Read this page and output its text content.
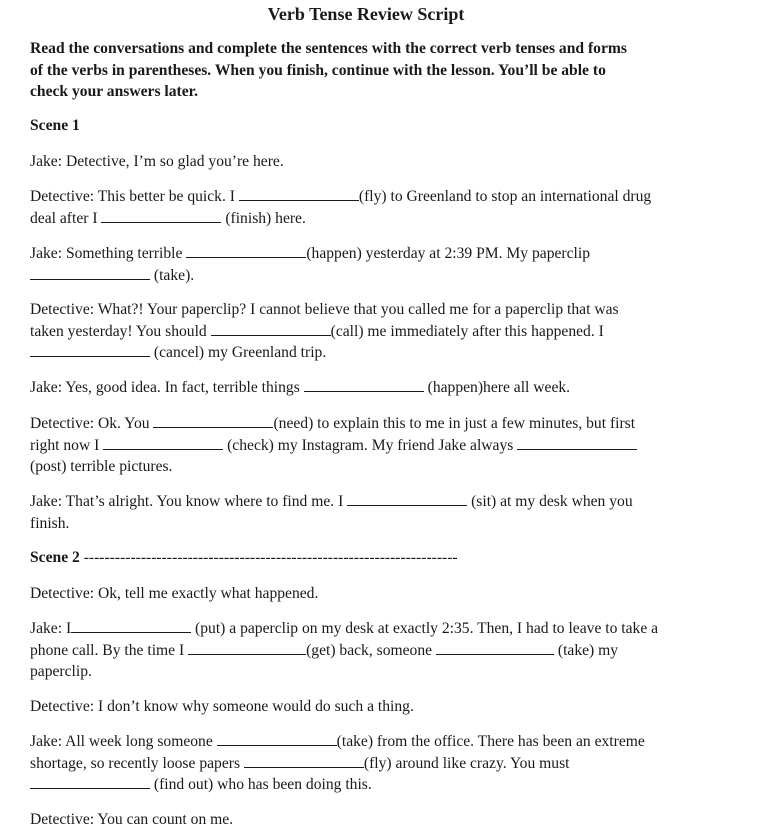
Verb Tense Review Script

Read the conversations and complete the sentences with the correct verb tenses and forms
of the verbs in parentheses. When you finish, continue with the lesson. You’ll be able to
check your answers later.

Scene 1

Jake: Detective, I’m so glad you’re here.

Detective: This better be quick. I	(fly) to Greenland to stop an international drug
deal after I	(finish) here.

Jake: Something terrible	(happen) yesterday at 2:39 PM. My paperclip
(take).

Detective: What?! Your paperclip? I cannot believe that you called me for a paperclip that was
taken yesterday! You should	(call) me immediately after this happened. I
(cancel) my Greenland trip.

Jake: Yes, good idea. In fact, terrible things	(happen)here all week.

Detective: Ok. You	(need) to explain this to me in just a few minutes, but first
right now I	(check) my Instagram. My friend Jake always
(post) terrible pictures.

Jake: That’s alright. You know where to find me. I	(sit) at my desk when you
finish.

Scene 2 ------------------------------------------------------------------------

Detective: Ok, tell me exactly what happened.

Jake: I	(put) a paperclip on my desk at exactly 2:35. Then, I had to leave to take a
phone call. By the time I	(get) back, someone	(take) my
paperclip.

Detective: I don’t know why someone would do such a thing.

Jake: All week long someone	(take) from the office. There has been an extreme
shortage, so recently loose papers	(fly) around like crazy. You must
(find out) who has been doing this.

Detective: You can count on me.
